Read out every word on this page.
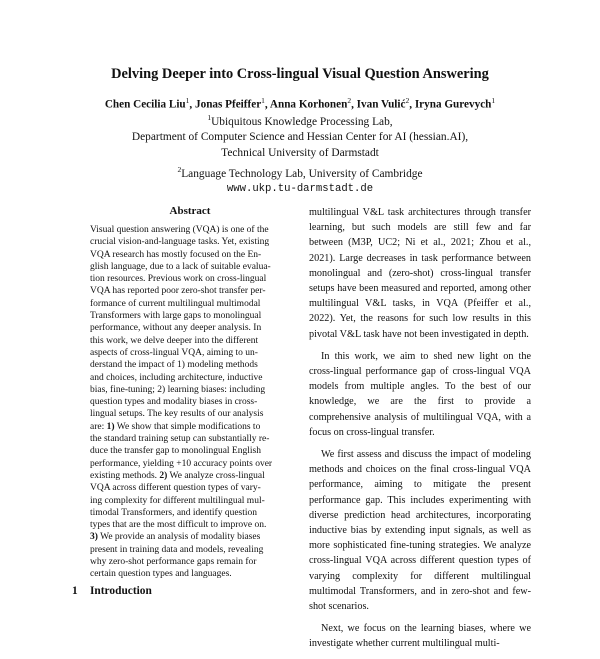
Delving Deeper into Cross-lingual Visual Question Answering
Chen Cecilia Liu$^1$, Jonas Pfeiffer$^1$, Anna Korhonen$^2$, Ivan Vulić$^2$, Iryna Gurevych$^1$
$^1$Ubiquitous Knowledge Processing Lab,
Department of Computer Science and Hessian Center for AI (hessian.AI),
Technical University of Darmstadt
$^2$Language Technology Lab, University of Cambridge
www.ukp.tu-darmstadt.de
Abstract
Visual question answering (VQA) is one of the
crucial vision-and-language tasks. Yet, existing
VQA research has mostly focused on the En-
glish language, due to a lack of suitable evalua-
tion resources. Previous work on cross-lingual
VQA has reported poor zero-shot transfer per-
formance of current multilingual multimodal
Transformers with large gaps to monolingual
performance, without any deeper analysis. In
this work, we delve deeper into the different
aspects of cross-lingual VQA, aiming to un-
derstand the impact of 1) modeling methods
and choices, including architecture, inductive
bias, fine-tuning; 2) learning biases: including
question types and modality biases in cross-
lingual setups. The key results of our analysis
are: 1) We show that simple modifications to
the standard training setup can substantially re-
duce the transfer gap to monolingual English
performance, yielding +10 accuracy points over
existing methods. 2) We analyze cross-lingual
VQA across different question types of vary-
ing complexity for different multilingual mul-
timodal Transformers, and identify question
types that are the most difficult to improve on.
3) We provide an analysis of modality biases
present in training data and models, revealing
why zero-shot performance gaps remain for
certain question types and languages.
1 Introduction

multilingual V&L task architectures through transfer learning, but such models are still few and far between (M3P, UC2; Ni et al., 2021; Zhou et al., 2021). Large decreases in task performance between monolingual and (zero-shot) cross-lingual transfer setups have been measured and reported, among other multilingual V&L tasks, in VQA (Pfeiffer et al., 2022). Yet, the reasons for such low results in this pivotal V&L task have not been investigated in depth.

In this work, we aim to shed new light on the cross-lingual performance gap of cross-lingual VQA models from multiple angles. To the best of our knowledge, we are the first to provide a comprehensive analysis of multilingual VQA, with a focus on cross-lingual transfer.

We first assess and discuss the impact of modeling methods and choices on the final cross-lingual VQA performance, aiming to mitigate the present performance gap. This includes experimenting with diverse prediction head architectures, incorporating inductive bias by extending input signals, as well as more sophisticated fine-tuning strategies. We analyze cross-lingual VQA across different question types of varying complexity for different multilingual multimodal Transformers, and in zero-shot and few-shot scenarios.

Next, we focus on the learning biases, where we investigate whether current multilingual multi-
